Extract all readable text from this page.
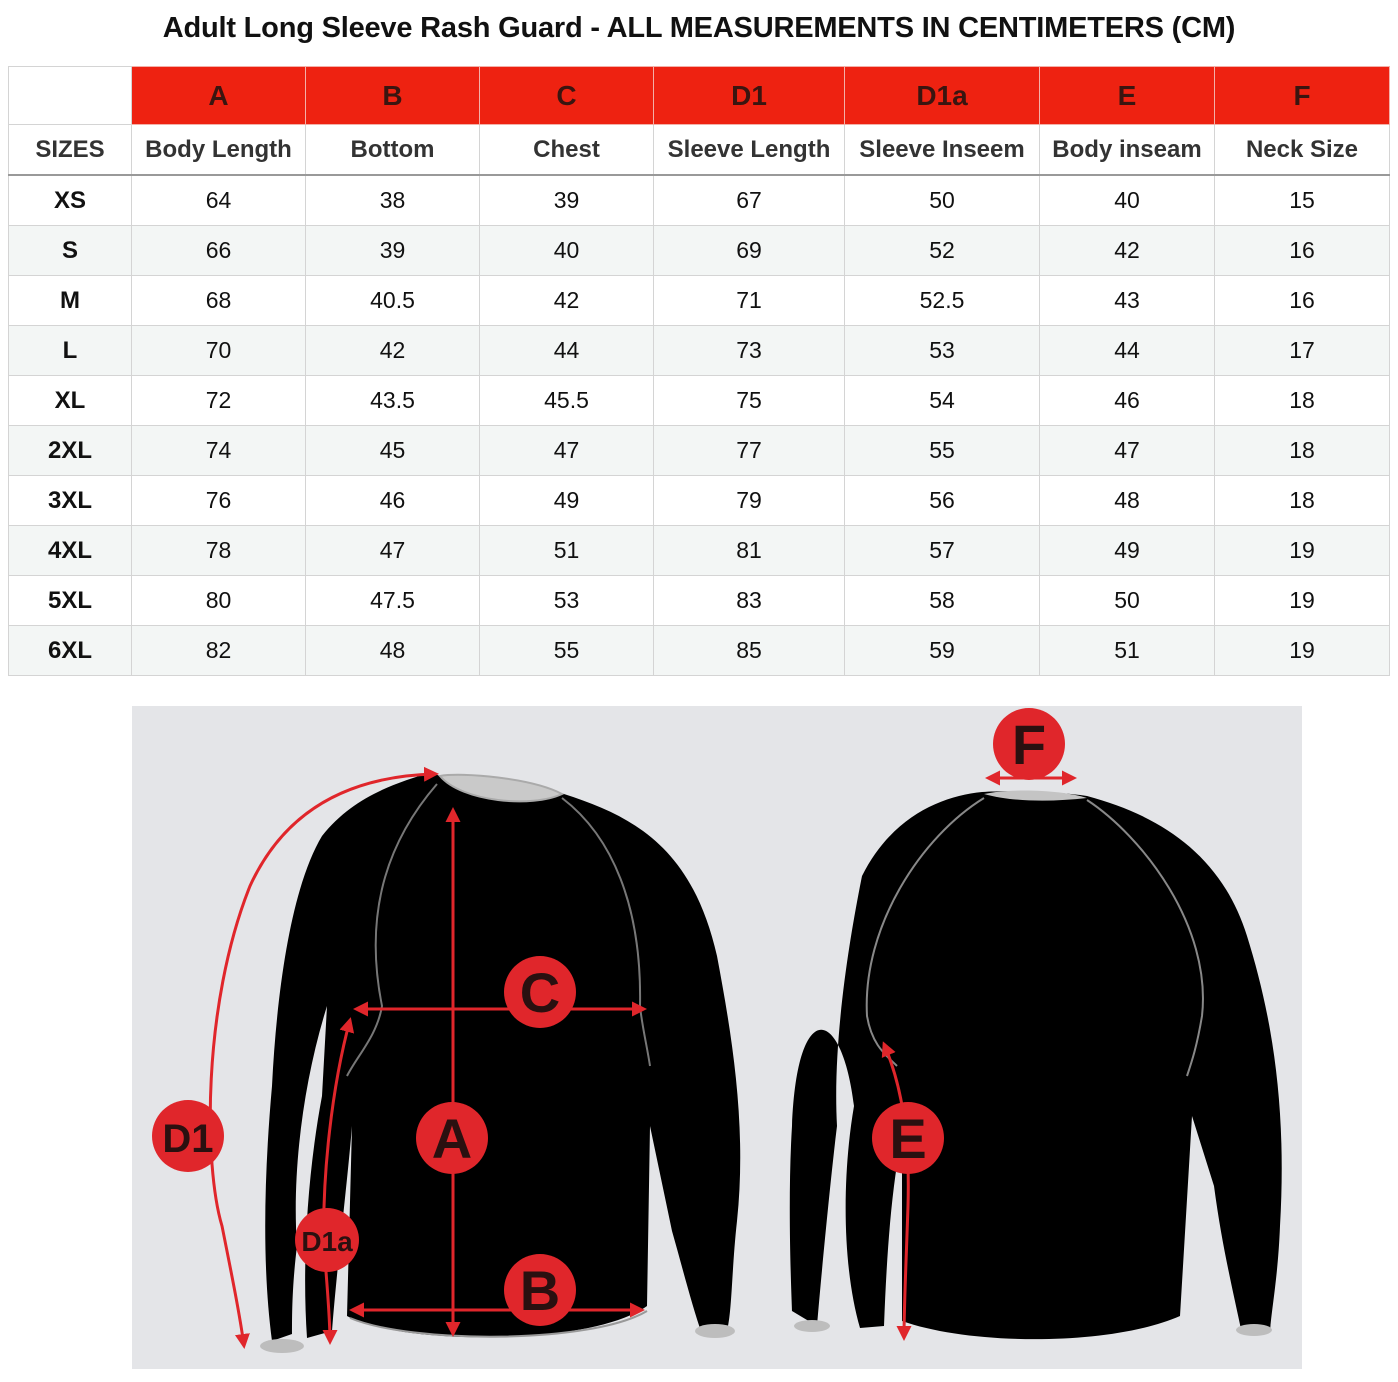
Adult Long Sleeve Rash Guard - ALL MEASUREMENTS IN CENTIMETERS (CM)
	A	B	C	D1	D1a	E	F
SIZES	Body Length	Bottom	Chest	Sleeve Length	Sleeve Inseem	Body inseam	Neck Size
XS	64	38	39	67	50	40	15
S	66	39	40	69	52	42	16
M	68	40.5	42	71	52.5	43	16
L	70	42	44	73	53	44	17
XL	72	43.5	45.5	75	54	46	18
2XL	74	45	47	77	55	47	18
3XL	76	46	49	79	56	48	18
4XL	78	47	51	81	57	49	19
5XL	80	47.5	53	83	58	50	19
6XL	82	48	55	85	59	51	19
A
B
C
D1
D1a
E
F
